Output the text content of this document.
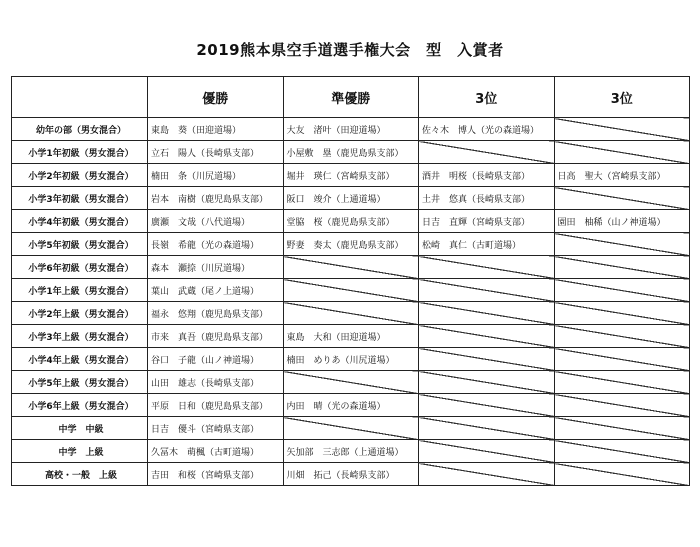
2019熊本県空手道選手権大会　型　入賞者
	優勝	準優勝	3位	3位
幼年の部（男女混合）	東島　葵（田迎道場）	大友　渚叶（田迎道場）	佐々木　博人（光の森道場）	
小学1年初級（男女混合）	立石　陽人（長崎県支部）	小屋敷　塁（鹿児島県支部）		
小学2年初級（男女混合）	楠田　条（川尻道場）	堀井　瑛仁（宮崎県支部）	酒井　明桜（長崎県支部）	日高　聖大（宮崎県支部）
小学3年初級（男女混合）	岩本　南樹（鹿児島県支部）	阪口　竣介（上通道場）	土井　悠真（長崎県支部）	
小学4年初級（男女混合）	廣瀬　文哉（八代道場）	堂脇　桜（鹿児島県支部）	日吉　直輝（宮崎県支部）	園田　柚稀（山ノ神道場）
小学5年初級（男女混合）	長嶺　希龍（光の森道場）	野妻　奏太（鹿児島県支部）	松崎　真仁（古町道場）	
小学6年初級（男女混合）	森本　瀬捺（川尻道場）			
小学1年上級（男女混合）	葉山　武蔵（尾ノ上道場）			
小学2年上級（男女混合）	福永　悠翔（鹿児島県支部）			
小学3年上級（男女混合）	市来　真吾（鹿児島県支部）	東島　大和（田迎道場）		
小学4年上級（男女混合）	谷口　子龍（山ノ神道場）	楠田　めりあ（川尻道場）		
小学5年上級（男女混合）	山田　雄志（長崎県支部）			
小学6年上級（男女混合）	平原　日和（鹿児島県支部）	内田　晴（光の森道場）		
中学　中級	日吉　優斗（宮崎県支部）			
中学　上級	久冨木　萌楓（古町道場）	矢加部　三志郎（上通道場）		
高校・一般　上級	吉田　和桜（宮崎県支部）	川畑　拓己（長崎県支部）		
